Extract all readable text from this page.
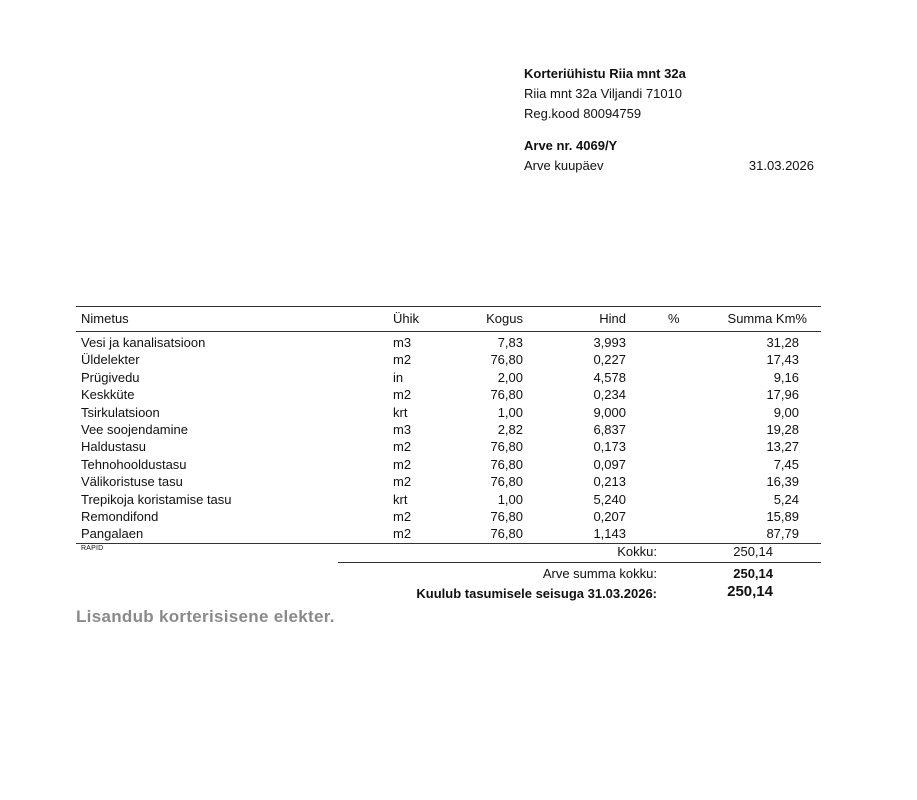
Korteriühistu Riia mnt 32a
Riia mnt 32a Viljandi 71010
Reg.kood 80094759
Arve nr. 4069/Y
Arve kuupäev	31.03.2026
Nimetus	Ühik	Kogus	Hind	%	Summa Km%
Vesi ja kanalisatsioon	m3	7,83	3,993	31,28
Üldelekter	m2	76,80	0,227	17,43
Prügivedu	in	2,00	4,578	9,16
Keskküte	m2	76,80	0,234	17,96
Tsirkulatsioon	krt	1,00	9,000	9,00
Vee soojendamine	m3	2,82	6,837	19,28
Haldustasu	m2	76,80	0,173	13,27
Tehnohooldustasu	m2	76,80	0,097	7,45
Välikoristuse tasu	m2	76,80	0,213	16,39
Trepikoja koristamise tasu	krt	1,00	5,240	5,24
Remondifond	m2	76,80	0,207	15,89
Pangalaen	m2	76,80	1,143	87,79
RAPID	Kokku:	250,14
Arve summa kokku:	250,14
Kuulub tasumisele seisuga 31.03.2026:	250,14
Lisandub korterisisene elekter.
